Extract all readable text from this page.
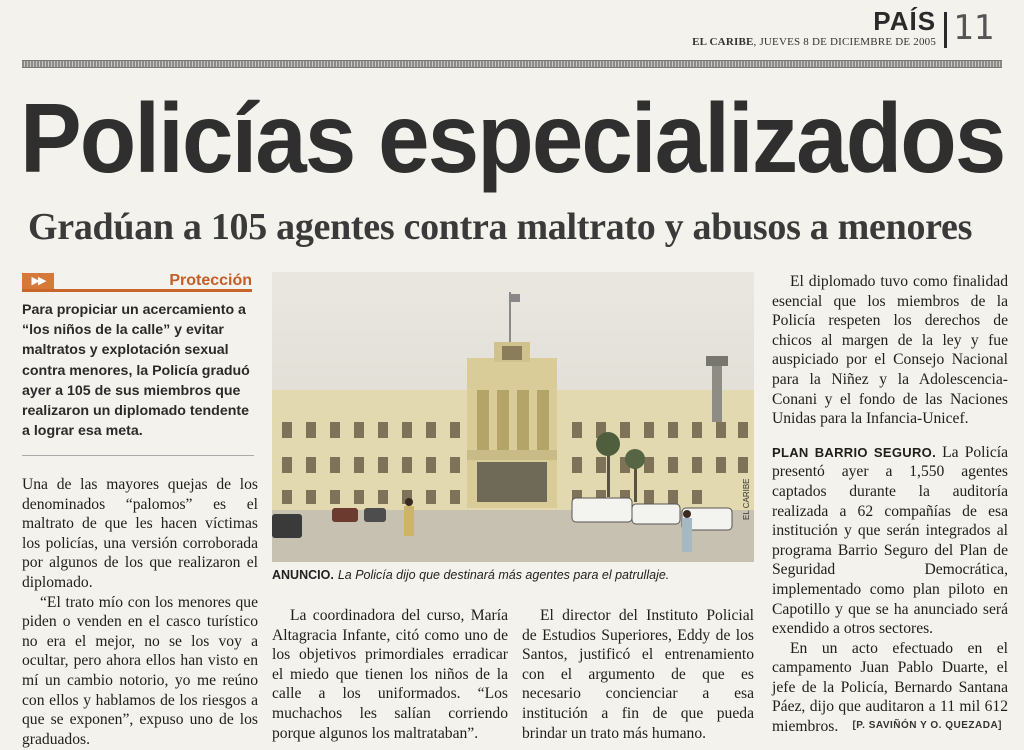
PAÍS
EL CARIBE, JUEVES 8 DE DICIEMBRE DE 2005 11
Policías especializados
Gradúan a 105 agentes contra maltrato y abusos a menores
▶▶	Protección
Para propiciar un acercamiento a “los niños de la calle” y evitar maltratos y explotación sexual contra menores, la Policía graduó ayer a 105 de sus miembros que realizaron un diplomado tendente a lograr esa meta.

Una de las mayores quejas de los denominados “palomos” es el maltrato de que les hacen víctimas los policías, una versión corroborada por algunos de los que realizaron el diplomado.

“El trato mío con los menores que piden o venden en el casco turístico no era el mejor, no se los voy a ocultar, pero ahora ellos han visto en mí un cambio notorio, yo me reúno con ellos y hablamos de los riesgos a que se exponen”, expuso uno de los graduados.

EL CARIBE
ANUNCIO. La Policía dijo que destinará más agentes para el patrullaje.

La coordinadora del curso, María Altagracia Infante, citó como uno de los objetivos primordiales erradicar el miedo que tienen los niños de la calle a los uniformados. “Los muchachos les salían corriendo porque algunos los maltrataban”.

El director del Instituto Policial de Estudios Superiores, Eddy de los Santos, justificó el entrenamiento con el argumento de que es necesario concienciar a esa institución a fin de que pueda brindar un trato más humano.

El diplomado tuvo como finalidad esencial que los miembros de la Policía respeten los derechos de chicos al margen de la ley y fue auspiciado por el Consejo Nacional para la Niñez y la Adolescencia-Conani y el fondo de las Naciones Unidas para la Infancia-Unicef.

PLAN BARRIO SEGURO. La Policía presentó ayer a 1,550 agentes captados durante la auditoría realizada a 62 compañías de esa institución y que serán integrados al programa Barrio Seguro del Plan de Seguridad Democrática, implementado como plan piloto en Capotillo y que se ha anunciado será exendido a otros sectores.

En un acto efectuado en el campamento Juan Pablo Duarte, el jefe de la Policía, Bernardo Santana Páez, dijo que auditaron a 11 mil 612 miembros.	[P. SAVIÑÓN Y O. QUEZADA]
